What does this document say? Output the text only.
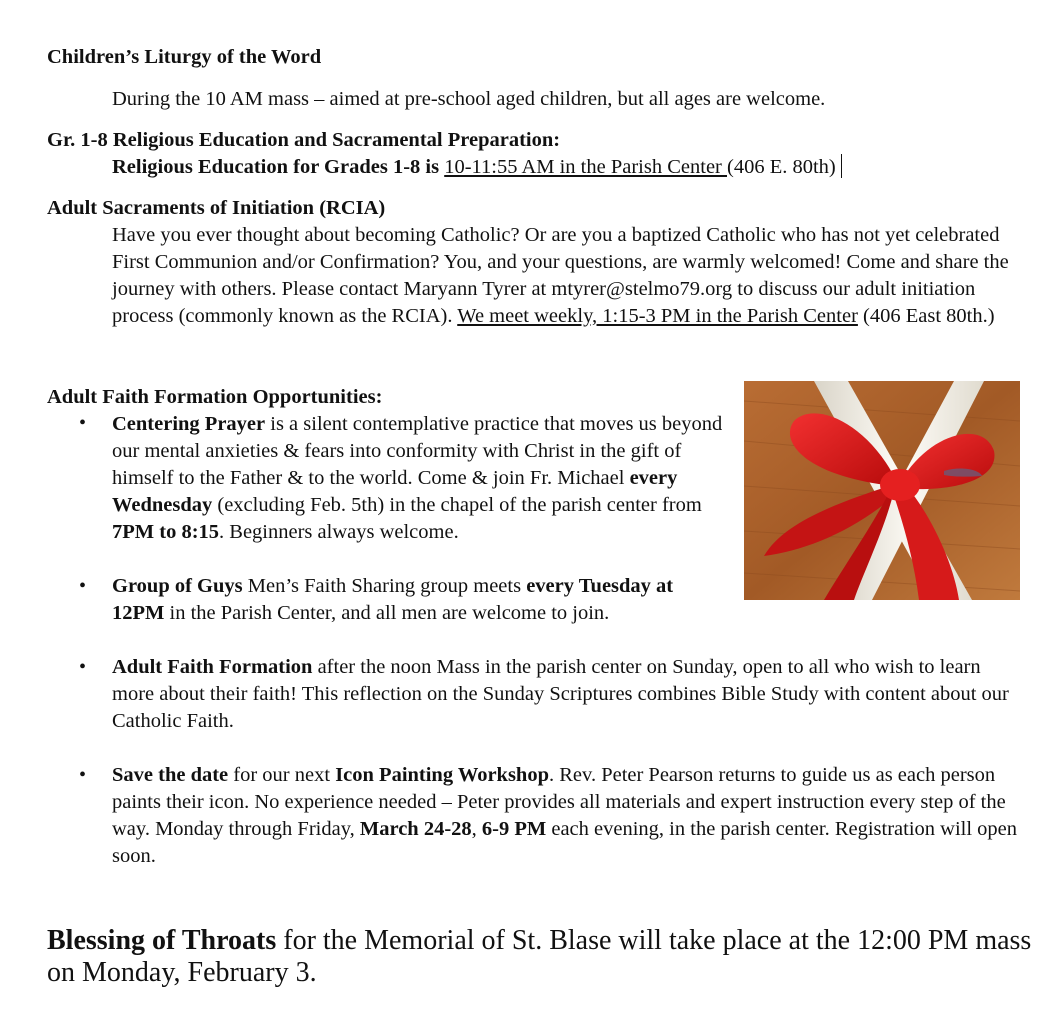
Children’s Liturgy of the Word
During the 10 AM mass – aimed at pre-school aged children, but all ages are welcome.
Gr. 1-8 Religious Education and Sacramental Preparation:
Religious Education for Grades 1-8 is 10-11:55 AM in the Parish Center (406 E. 80th)
Adult Sacraments of Initiation (RCIA)
Have you ever thought about becoming Catholic? Or are you a baptized Catholic who has not yet celebrated First Communion and/or Confirmation? You, and your questions, are warmly welcomed! Come and share the journey with others. Please contact Maryann Tyrer at mtyrer@stelmo79.org to discuss our adult initiation process (commonly known as the RCIA). We meet weekly, 1:15-3 PM in the Parish Center (406 East 80th.)
Adult Faith Formation Opportunities:
• Centering Prayer is a silent contemplative practice that moves us beyond our mental anxieties & fears into conformity with Christ in the gift of himself to the Father & to the world. Come & join Fr. Michael every Wednesday (excluding Feb. 5th) in the chapel of the parish center from 7PM to 8:15. Beginners always welcome.
• Group of Guys Men’s Faith Sharing group meets every Tuesday at 12PM in the Parish Center, and all men are welcome to join.
• Adult Faith Formation after the noon Mass in the parish center on Sunday, open to all who wish to learn more about their faith! This reflection on the Sunday Scriptures combines Bible Study with content about our Catholic Faith.
• Save the date for our next Icon Painting Workshop. Rev. Peter Pearson returns to guide us as each person paints their icon. No experience needed – Peter provides all materials and expert instruction every step of the way. Monday through Friday, March 24-28, 6-9 PM each evening, in the parish center. Registration will open soon.
Blessing of Throats for the Memorial of St. Blase will take place at the 12:00 PM mass on Monday, February 3.
